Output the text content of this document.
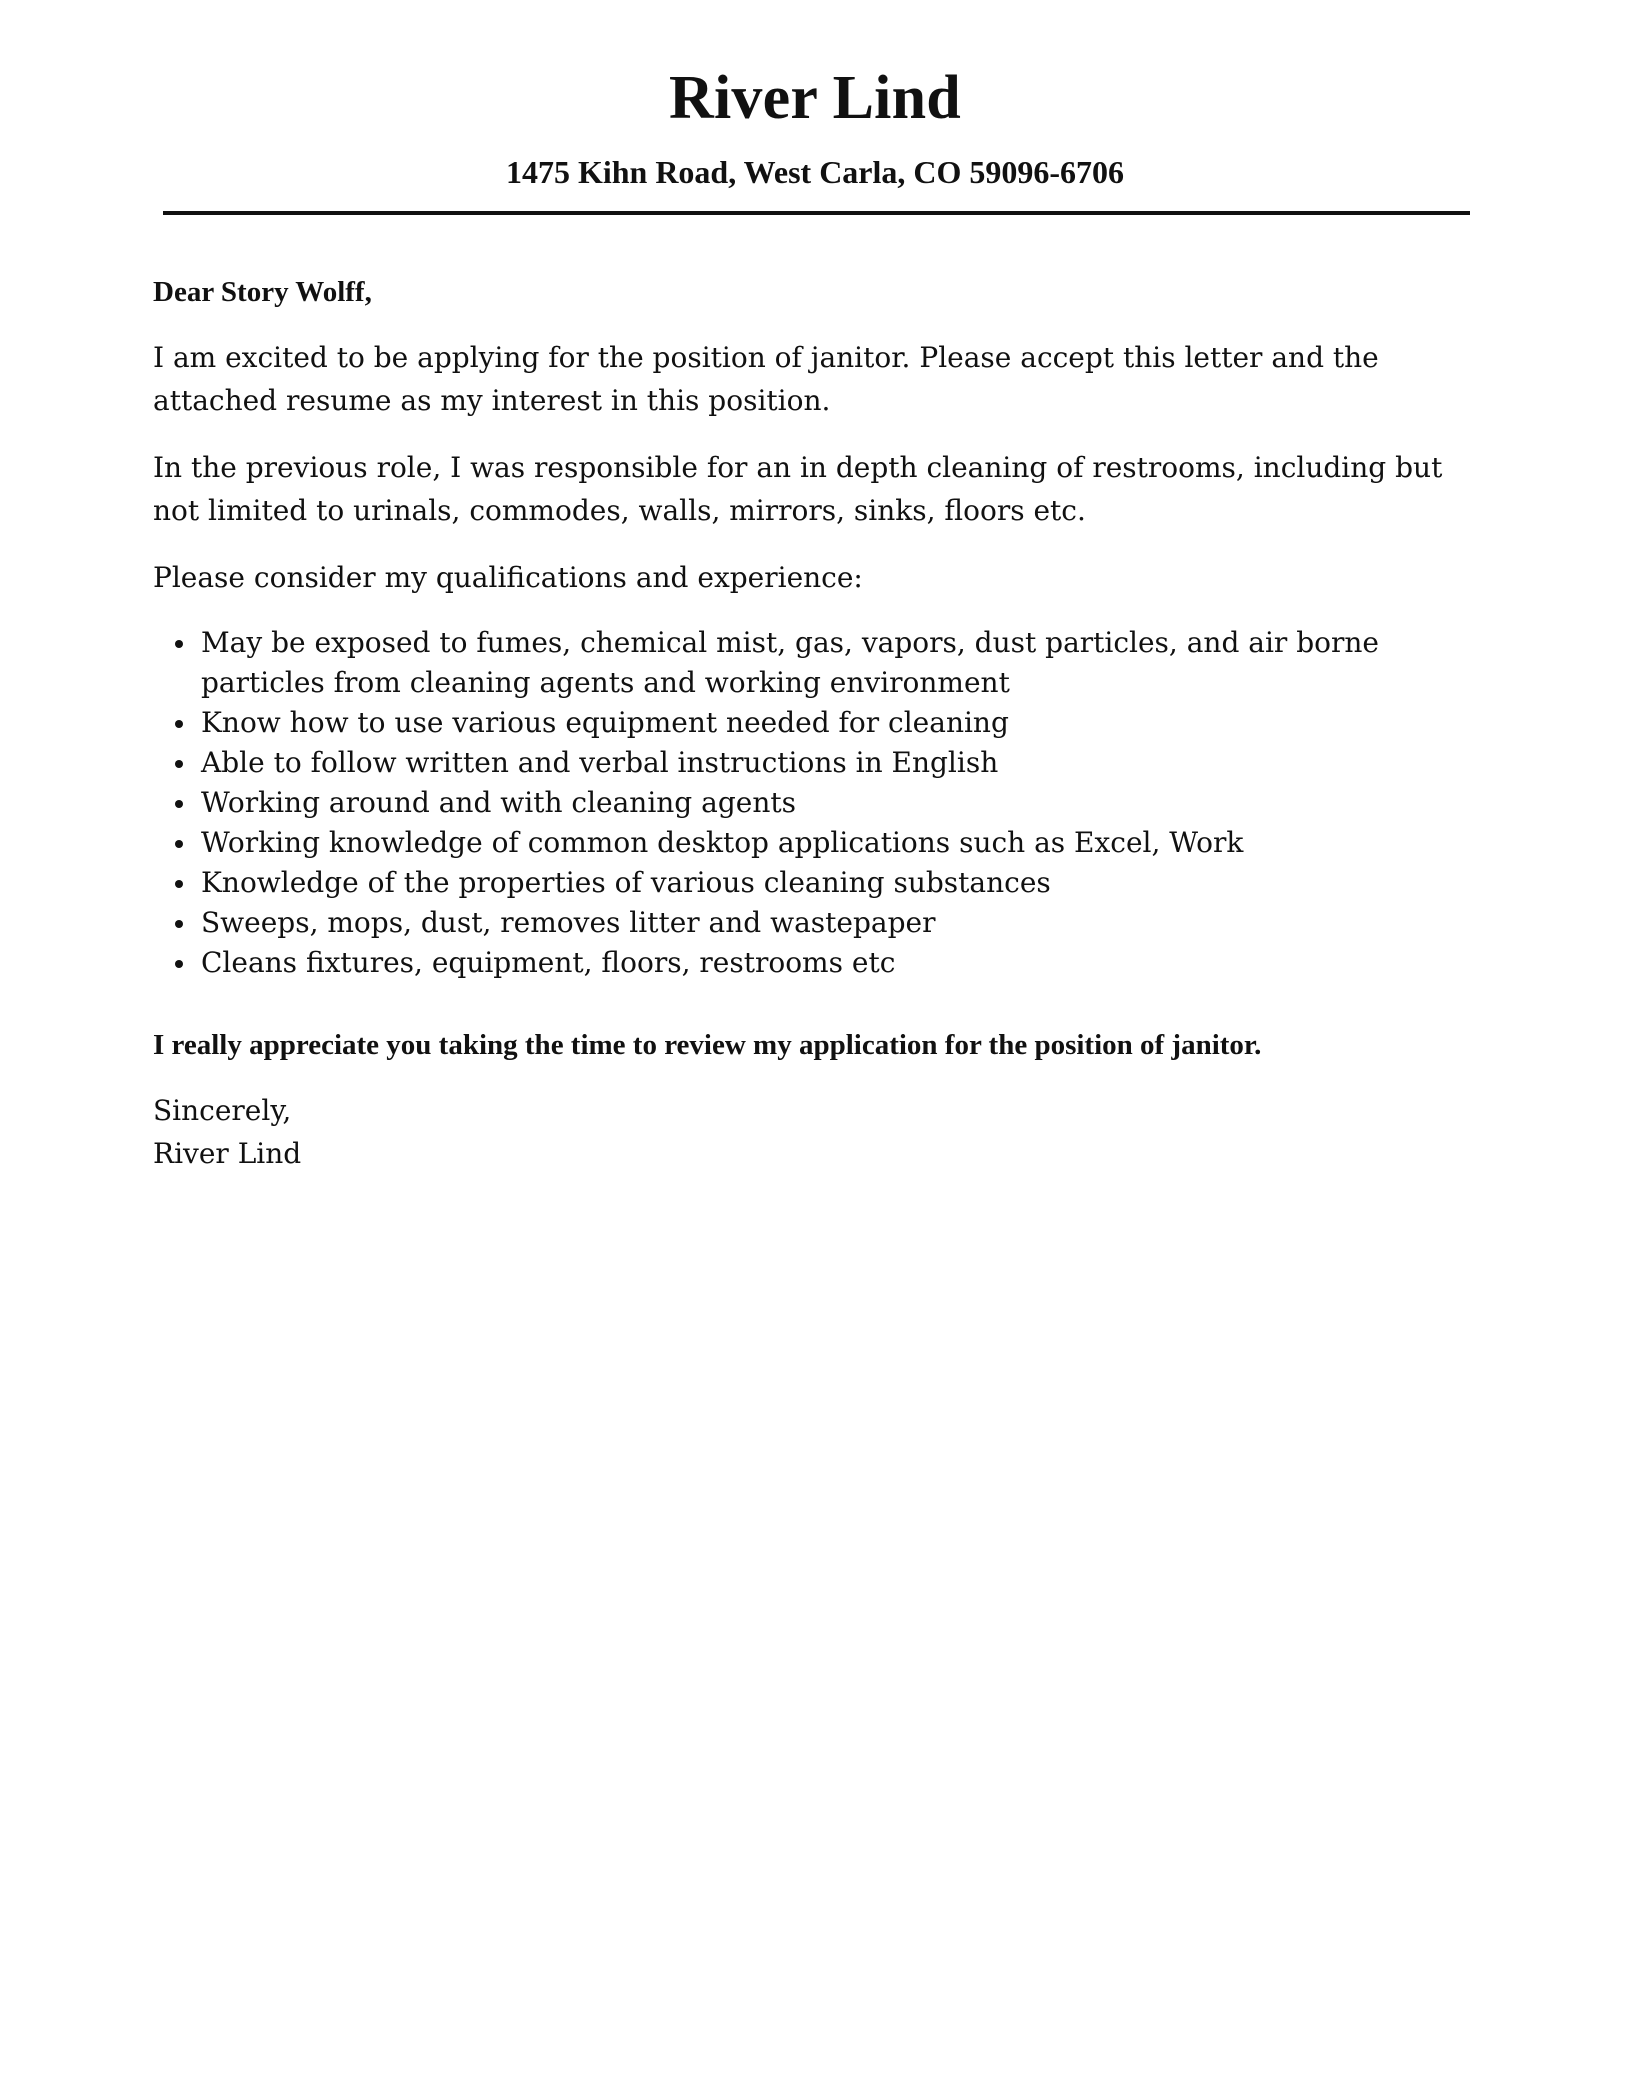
River Lind
1475 Kihn Road, West Carla, CO 59096-6706

Dear Story Wolff,

I am excited to be applying for the position of janitor. Please accept this letter and the attached resume as my interest in this position.

In the previous role, I was responsible for an in depth cleaning of restrooms, including but not limited to urinals, commodes, walls, mirrors, sinks, floors etc.

Please consider my qualifications and experience:

May be exposed to fumes, chemical mist, gas, vapors, dust particles, and air borne particles from cleaning agents and working environment
Know how to use various equipment needed for cleaning
Able to follow written and verbal instructions in English
Working around and with cleaning agents
Working knowledge of common desktop applications such as Excel, Work
Knowledge of the properties of various cleaning substances
Sweeps, mops, dust, removes litter and wastepaper
Cleans fixtures, equipment, floors, restrooms etc

I really appreciate you taking the time to review my application for the position of janitor.

Sincerely,

River Lind
